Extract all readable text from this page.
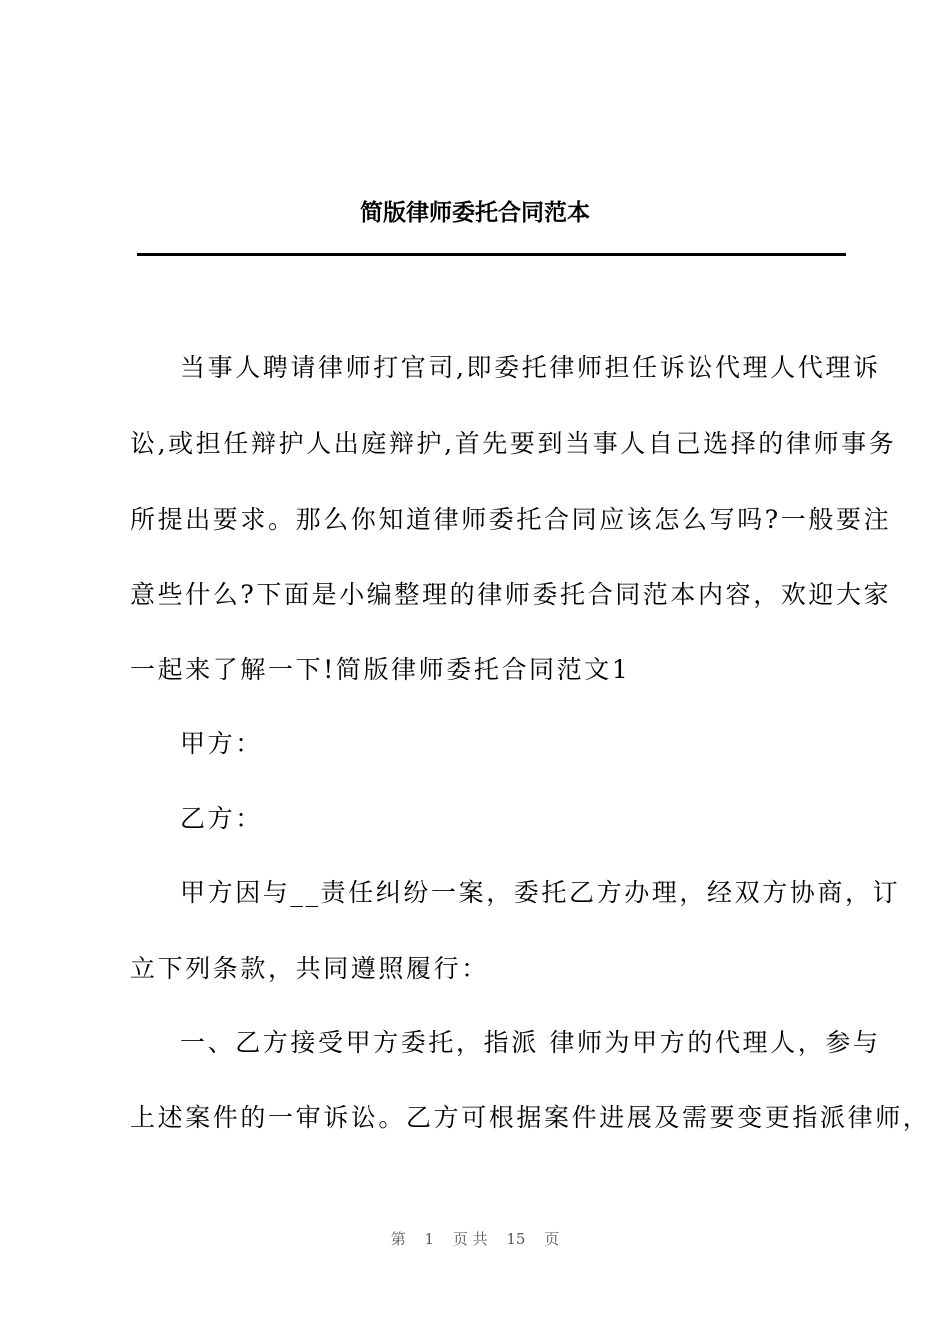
简版律师委托合同范本
当事人聘请律师打官司,即委托律师担任诉讼代理人代理诉
讼,或担任辩护人出庭辩护,首先要到当事人自己选择的律师事务
所提出要求。那么你知道律师委托合同应该怎么写吗?一般要注
意些什么?下面是小编整理的律师委托合同范本内容，欢迎大家
一起来了解一下!简版律师委托合同范文1
甲方：
乙方：
甲方因与__责任纠纷一案，委托乙方办理，经双方协商，订
立下列条款，共同遵照履行：
一、乙方接受甲方委托，指派 律师为甲方的代理人，参与
上述案件的一审诉讼。乙方可根据案件进展及需要变更指派律师，
第 1 页 共 15 页
